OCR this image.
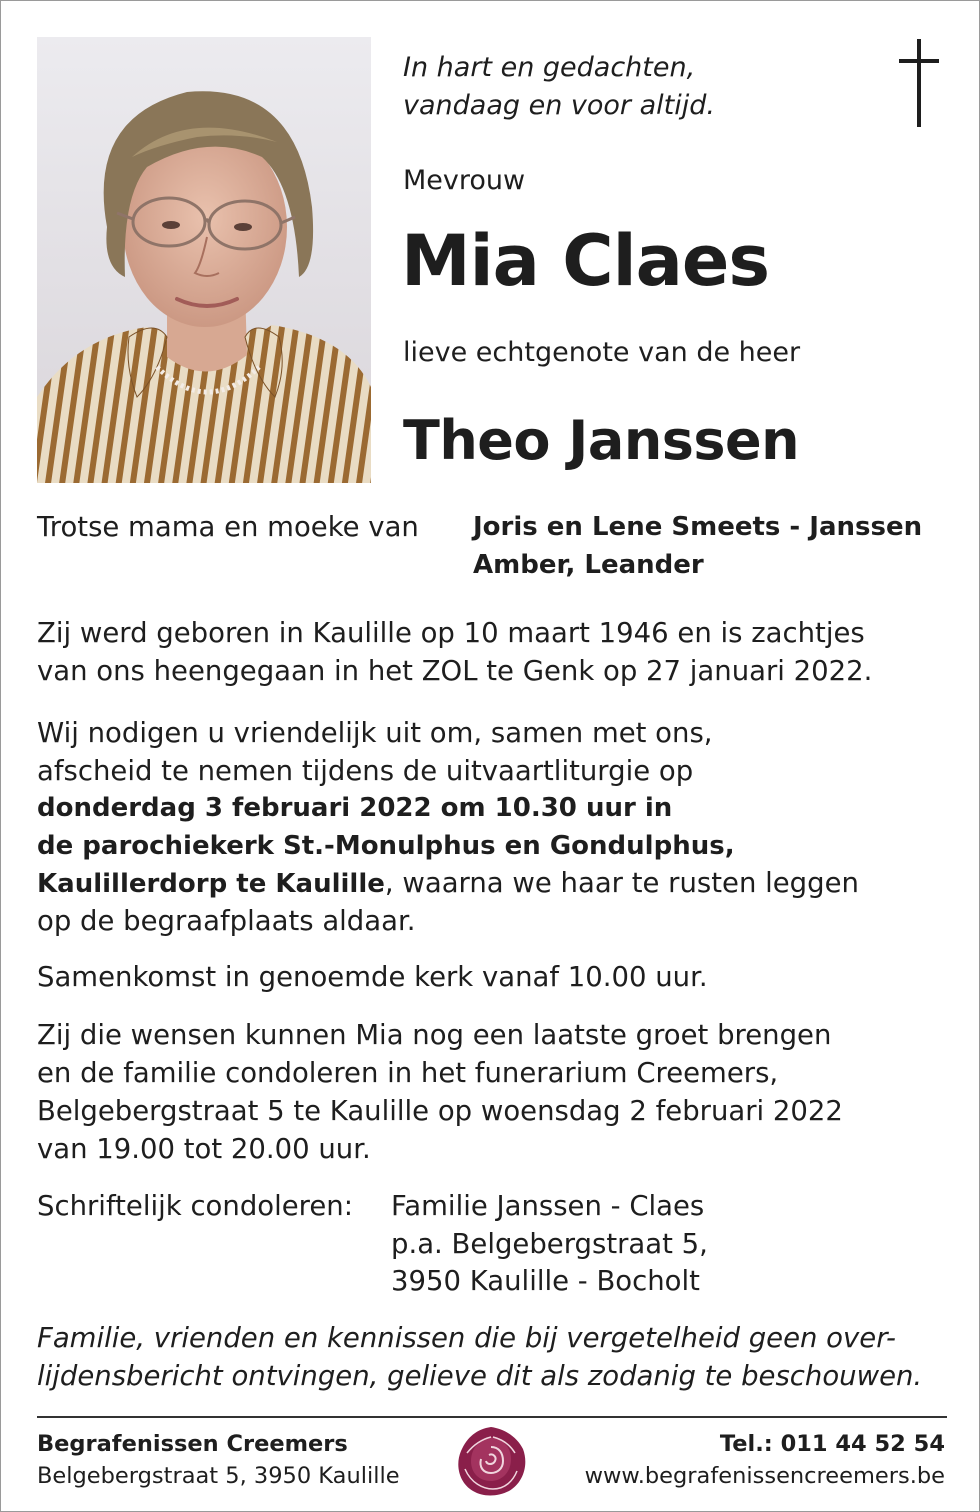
In hart en gedachten,
vandaag en voor altijd.
Mevrouw
Mia Claes
lieve echtgenote van de heer
Theo Janssen
Trotse mama en moeke van Joris en Lene Smeets - Janssen
Amber, Leander
Zij werd geboren in Kaulille op 10 maart 1946 en is zachtjes
van ons heengegaan in het ZOL te Genk op 27 januari 2022.
Wij nodigen u vriendelijk uit om, samen met ons,
afscheid te nemen tijdens de uitvaartliturgie op
donderdag 3 februari 2022 om 10.30 uur in
de parochiekerk St.-Monulphus en Gondulphus,
Kaulillerdorp te Kaulille, waarna we haar te rusten leggen
op de begraafplaats aldaar.
Samenkomst in genoemde kerk vanaf 10.00 uur.
Zij die wensen kunnen Mia nog een laatste groet brengen
en de familie condoleren in het funerarium Creemers,
Belgebergstraat 5 te Kaulille op woensdag 2 februari 2022
van 19.00 tot 20.00 uur.
Schriftelijk condoleren: Familie Janssen - Claes
p.a. Belgebergstraat 5,
3950 Kaulille - Bocholt
Familie, vrienden en kennissen die bij vergetelheid geen over-
lijdensbericht ontvingen, gelieve dit als zodanig te beschouwen.
Begrafenissen Creemers
Belgebergstraat 5, 3950 Kaulille
Tel.: 011 44 52 54
www.begrafenissencreemers.be
